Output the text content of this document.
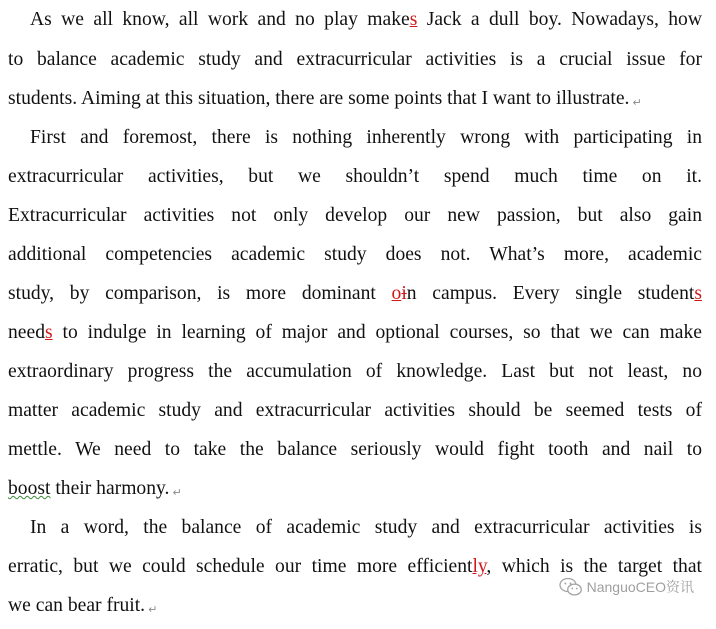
As we all know, all work and no play makes Jack a dull boy. Nowadays, how
to balance academic study and extracurricular activities is a crucial issue for
students. Aiming at this situation, there are some points that I want to illustrate. ↵
First and foremost, there is nothing inherently wrong with participating in
extracurricular activities, but we shouldn’t spend much time on it.
Extracurricular activities not only develop our new passion, but also gain
additional competencies academic study does not. What’s more, academic
study, by comparison, is more dominant oin campus. Every single students
needs to indulge in learning of major and optional courses, so that we can make
extraordinary progress the accumulation of knowledge. Last but not least, no
matter academic study and extracurricular activities should be seemed tests of
mettle. We need to take the balance seriously would fight tooth and nail to
boost their harmony. ↵
In a word, the balance of academic study and extracurricular activities is
erratic, but we could schedule our time more efficiently, which is the target that
we can bear fruit. ↵
NanguoCEO资讯
